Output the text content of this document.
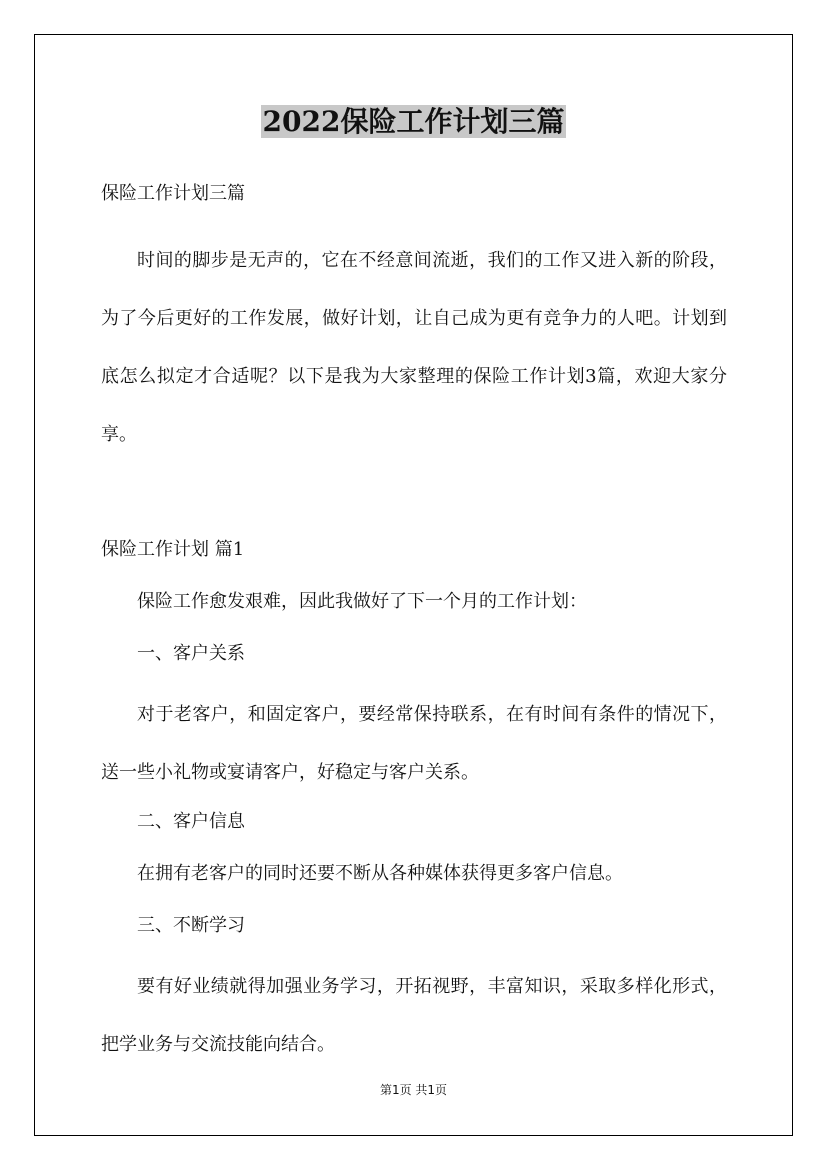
2022保险工作计划三篇

保险工作计划三篇

时间的脚步是无声的，它在不经意间流逝，我们的工作又进入新的阶段，为了今后更好的工作发展，做好计划，让自己成为更有竞争力的人吧。计划到底怎么拟定才合适呢？以下是我为大家整理的保险工作计划3篇，欢迎大家分享。

保险工作计划 篇1

保险工作愈发艰难，因此我做好了下一个月的工作计划：

一、客户关系

对于老客户，和固定客户，要经常保持联系，在有时间有条件的情况下，送一些小礼物或宴请客户，好稳定与客户关系。

二、客户信息

在拥有老客户的同时还要不断从各种媒体获得更多客户信息。

三、不断学习

要有好业绩就得加强业务学习，开拓视野，丰富知识，采取多样化形式，把学业务与交流技能向结合。

第1页 共1页
